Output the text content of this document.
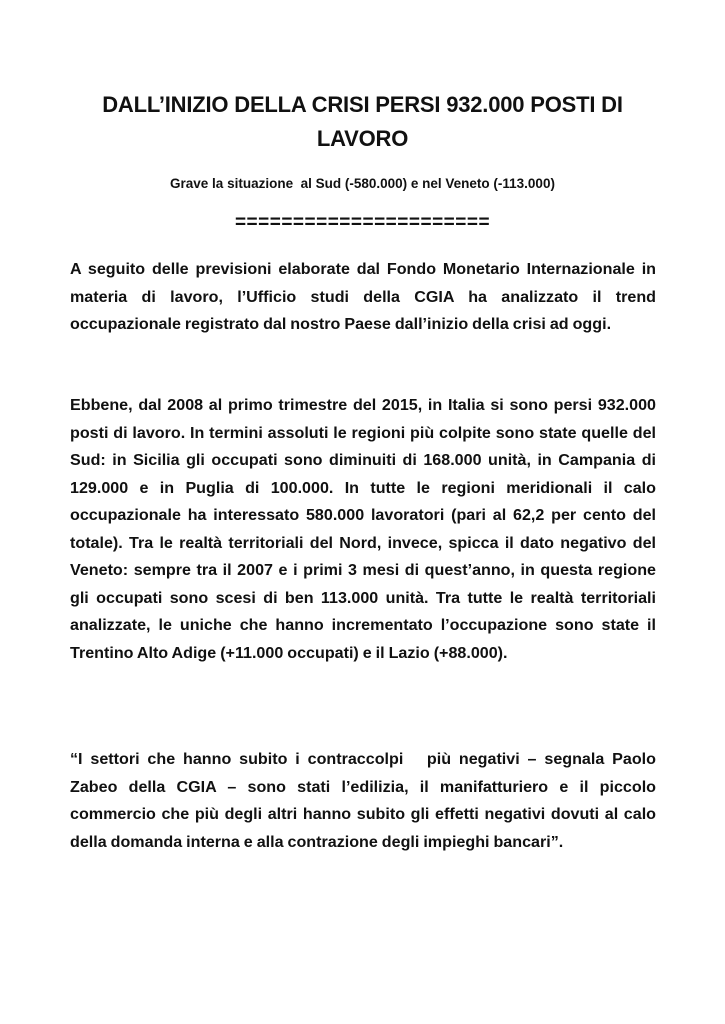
DALL’INIZIO DELLA CRISI PERSI 932.000 POSTI DI LAVORO
Grave la situazione  al Sud (-580.000) e nel Veneto (-113.000)
======================
A seguito delle previsioni elaborate dal Fondo Monetario Internazionale in materia di lavoro, l’Ufficio studi della CGIA ha analizzato il trend occupazionale registrato dal nostro Paese dall’inizio della crisi ad oggi.
Ebbene, dal 2008 al primo trimestre del 2015, in Italia si sono persi 932.000 posti di lavoro. In termini assoluti le regioni più colpite sono state quelle del Sud: in Sicilia gli occupati sono diminuiti di 168.000 unità, in Campania di 129.000 e in Puglia di 100.000. In tutte le regioni meridionali il calo occupazionale ha interessato 580.000 lavoratori (pari al 62,2 per cento del totale). Tra le realtà territoriali del Nord, invece, spicca il dato negativo del Veneto: sempre tra il 2007 e i primi 3 mesi di quest’anno, in questa regione gli occupati sono scesi di ben 113.000 unità. Tra tutte le realtà territoriali analizzate, le uniche che hanno incrementato l’occupazione sono state il Trentino Alto Adige (+11.000 occupati) e il Lazio (+88.000).
“I settori che hanno subito i contraccolpi   più negativi – segnala Paolo Zabeo della CGIA – sono stati l’edilizia, il manifatturiero e il piccolo commercio che più degli altri hanno subito gli effetti negativi dovuti al calo della domanda interna e alla contrazione degli impieghi bancari”.
